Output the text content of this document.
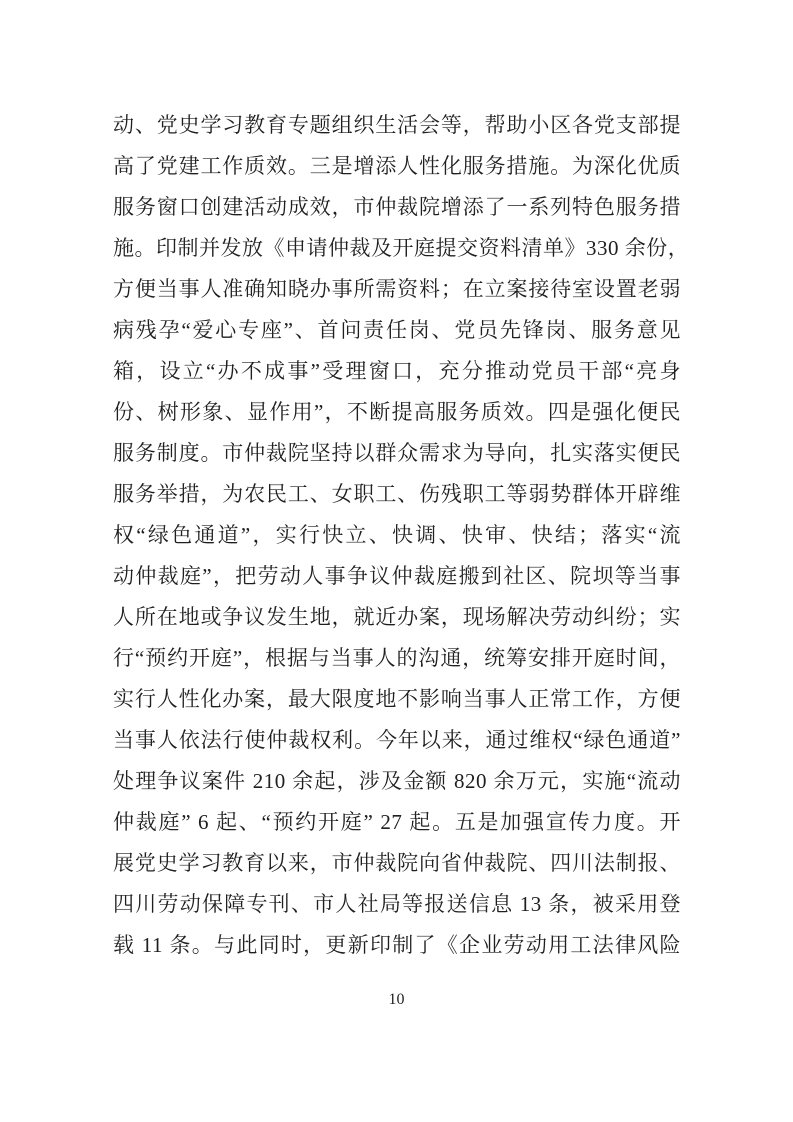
动、党史学习教育专题组织生活会等，帮助小区各党支部提
高了党建工作质效。三是增添人性化服务措施。为深化优质
服务窗口创建活动成效，市仲裁院增添了一系列特色服务措
施。印制并发放《申请仲裁及开庭提交资料清单》330 余份，
方便当事人准确知晓办事所需资料；在立案接待室设置老弱
病残孕“爱心专座”、首问责任岗、党员先锋岗、服务意见
箱，设立“办不成事”受理窗口，充分推动党员干部“亮身
份、树形象、显作用”，不断提高服务质效。四是强化便民
服务制度。市仲裁院坚持以群众需求为导向，扎实落实便民
服务举措，为农民工、女职工、伤残职工等弱势群体开辟维
权“绿色通道”，实行快立、快调、快审、快结；落实“流
动仲裁庭”，把劳动人事争议仲裁庭搬到社区、院坝等当事
人所在地或争议发生地，就近办案，现场解决劳动纠纷；实
行“预约开庭”，根据与当事人的沟通，统筹安排开庭时间，
实行人性化办案，最大限度地不影响当事人正常工作，方便
当事人依法行使仲裁权利。今年以来，通过维权“绿色通道”
处理争议案件 210 余起，涉及金额 820 余万元，实施“流动
仲裁庭” 6 起、“预约开庭” 27 起。五是加强宣传力度。开
展党史学习教育以来，市仲裁院向省仲裁院、四川法制报、
四川劳动保障专刊、市人社局等报送信息 13 条，被采用登
载 11 条。与此同时，更新印制了《企业劳动用工法律风险
10
